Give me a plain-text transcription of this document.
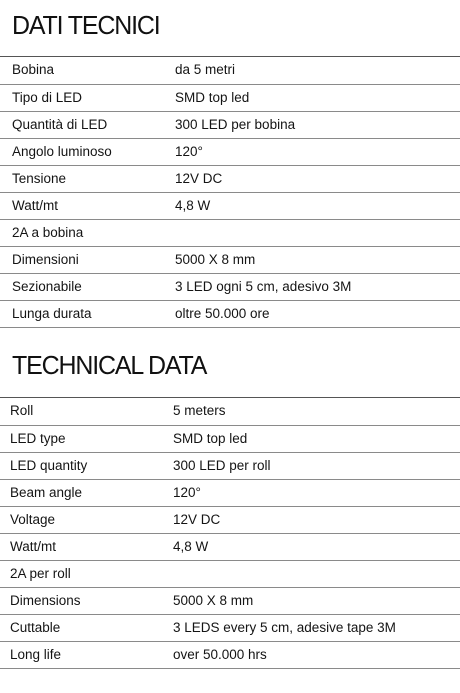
DATI TECNICI
Bobina	da 5 metri
Tipo di LED	SMD top led
Quantità di LED	300 LED per bobina
Angolo luminoso	120°
Tensione	12V DC
Watt/mt	4,8 W
2A a bobina
Dimensioni	5000 X 8 mm
Sezionabile	3 LED ogni 5 cm, adesivo 3M
Lunga durata	oltre 50.000 ore
TECHNICAL DATA
Roll	5 meters
LED type	SMD top led
LED quantity	300 LED per roll
Beam angle	120°
Voltage	12V DC
Watt/mt	4,8 W
2A per roll
Dimensions	5000 X 8 mm
Cuttable	3 LEDS every 5 cm, adesive tape 3M
Long life	over 50.000 hrs
